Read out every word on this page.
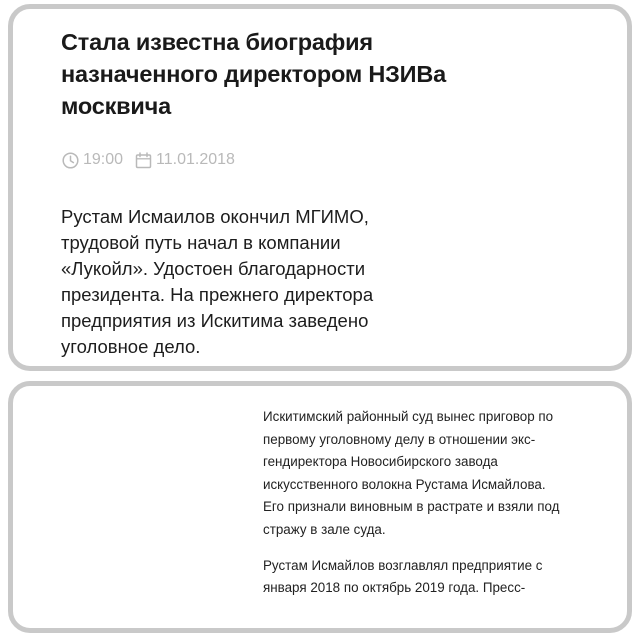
Стала известна биография назначенного директором НЗИВа москвича
19:00 11.01.2018

Рустам Исмаилов окончил МГИМО, трудовой путь начал в компании «Лукойл». Удостоен благодарности президента. На прежнего директора предприятия из Искитима заведено уголовное дело.

Искитимский районный суд вынес приговор по первому уголовному делу в отношении экс-гендиректора Новосибирского завода искусственного волокна Рустама Исмайлова. Его признали виновным в растрате и взяли под стражу в зале суда.

Рустам Исмайлов возглавлял предприятие с января 2018 по октябрь 2019 года. Пресс-
